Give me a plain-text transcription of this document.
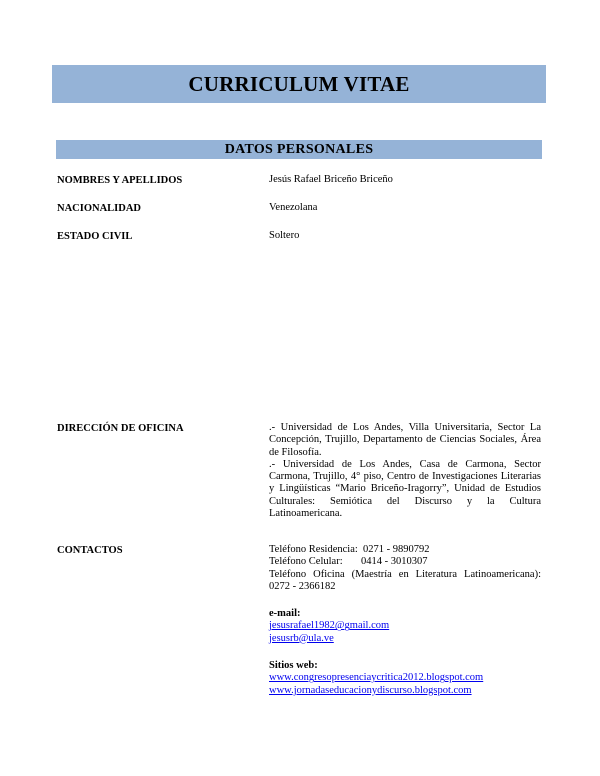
CURRICULUM VITAE
DATOS PERSONALES
NOMBRES Y APELLIDOS	Jesús Rafael Briceño Briceño
NACIONALIDAD	Venezolana
ESTADO CIVIL	Soltero
DIRECCIÓN DE OFICINA	.- Universidad de Los Andes, Villa Universitaria, Sector La Concepción, Trujillo, Departamento de Ciencias Sociales, Área de Filosofía.
.- Universidad de Los Andes, Casa de Carmona, Sector Carmona, Trujillo, 4° piso, Centro de Investigaciones Literarias y Lingüísticas “Mario Briceño-Iragorry”, Unidad de Estudios Culturales: Semiótica del Discurso y la Cultura Latinoamericana.
CONTACTOS	Teléfono Residencia:  0271 - 9890792
Teléfono Celular:       0414 - 3010307
Teléfono Oficina (Maestría en Literatura Latinoamericana): 0272 - 2366182
e-mail:
jesusrafael1982@gmail.com
jesusrb@ula.ve
Sitios web:
www.congresopresenciaycritica2012.blogspot.com
www.jornadaseducacionydiscurso.blogspot.com
